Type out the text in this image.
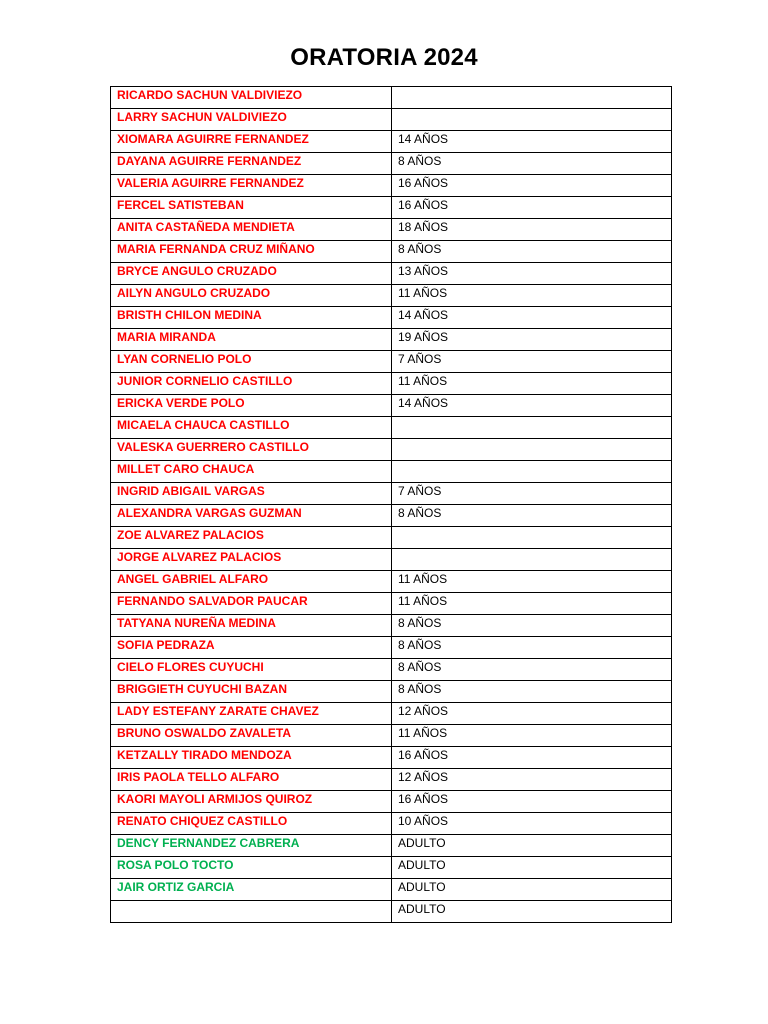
ORATORIA 2024
RICARDO SACHUN VALDIVIEZO	
LARRY SACHUN VALDIVIEZO	
XIOMARA AGUIRRE FERNANDEZ	14 AÑOS
DAYANA AGUIRRE FERNANDEZ	8 AÑOS
VALERIA AGUIRRE FERNANDEZ	16 AÑOS
FERCEL SATISTEBAN	16 AÑOS
ANITA CASTAÑEDA MENDIETA	18 AÑOS
MARIA FERNANDA CRUZ MIÑANO	8 AÑOS
BRYCE ANGULO CRUZADO	13 AÑOS
AILYN ANGULO CRUZADO	11 AÑOS
BRISTH CHILON MEDINA	14 AÑOS
MARIA MIRANDA	19 AÑOS
LYAN CORNELIO POLO	7 AÑOS
JUNIOR CORNELIO CASTILLO	11 AÑOS
ERICKA VERDE POLO	14 AÑOS
MICAELA CHAUCA CASTILLO	
VALESKA GUERRERO CASTILLO	
MILLET CARO CHAUCA	
INGRID ABIGAIL VARGAS	7 AÑOS
ALEXANDRA VARGAS GUZMAN	8 AÑOS
ZOE ALVAREZ PALACIOS	
JORGE ALVAREZ PALACIOS	
ANGEL GABRIEL ALFARO	11 AÑOS
FERNANDO SALVADOR PAUCAR	11 AÑOS
TATYANA NUREÑA MEDINA	8 AÑOS
SOFIA PEDRAZA	8 AÑOS
CIELO FLORES CUYUCHI	8 AÑOS
BRIGGIETH CUYUCHI BAZAN	8 AÑOS
LADY ESTEFANY ZARATE CHAVEZ	12 AÑOS
BRUNO OSWALDO ZAVALETA	11 AÑOS
KETZALLY TIRADO MENDOZA	16 AÑOS
IRIS PAOLA TELLO ALFARO	12 AÑOS
KAORI MAYOLI ARMIJOS QUIROZ	16 AÑOS
RENATO CHIQUEZ CASTILLO	10 AÑOS
DENCY FERNANDEZ CABRERA	ADULTO
ROSA POLO TOCTO	ADULTO
JAIR ORTIZ GARCIA	ADULTO
	ADULTO
